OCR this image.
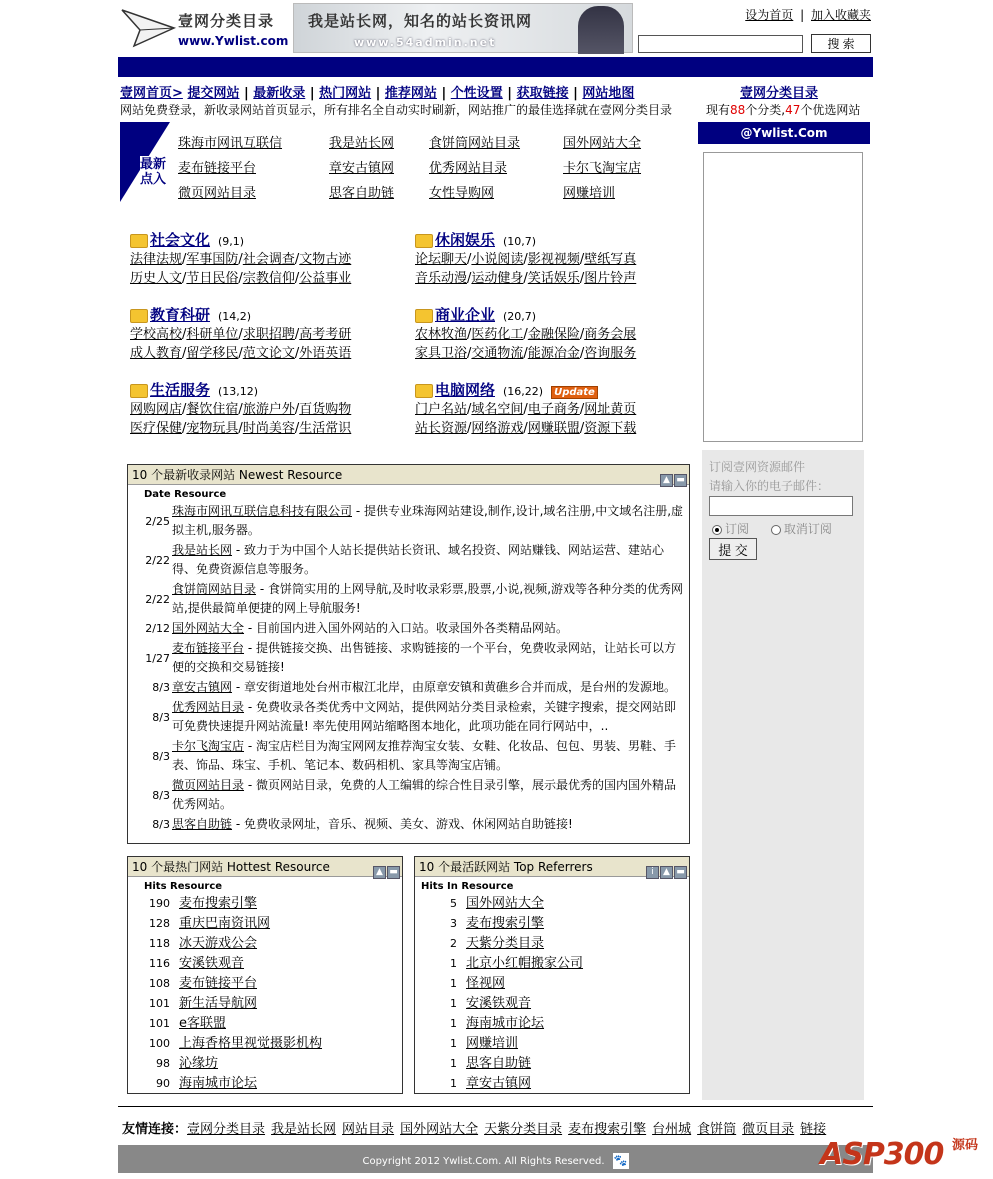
壹网分类目录
www.Ywlist.com
我是站长网，知名的站长资讯网
www.54admin.net
设为首页 | 加入收藏夹
搜 索
壹网首页> 提交网站 | 最新收录 | 热门网站 | 推荐网站 | 个性设置 | 获取链接 | 网站地图
网站免费登录，新收录网站首页显示，所有排名全自动实时刷新，网站推广的最佳选择就在壹网分类目录
壹网分类目录
现有88个分类,47个优选网站
最新点入
珠海市网讯互联信	我是站长网	食饼筒网站目录	国外网站大全
麦布链接平台	章安古镇网	优秀网站目录	卡尔飞淘宝店
微页网站目录	思客自助链	女性导购网	网赚培训
社会文化 (9,1)
法律法规/军事国防/社会调查/文物古迹
历史人文/节日民俗/宗教信仰/公益事业
休闲娱乐 (10,7)
论坛聊天/小说阅读/影视视频/壁纸写真
音乐动漫/运动健身/笑话娱乐/图片铃声
教育科研 (14,2)
学校高校/科研单位/求职招聘/高考考研
成人教育/留学移民/范文论文/外语英语
商业企业 (20,7)
农林牧渔/医药化工/金融保险/商务会展
家具卫浴/交通物流/能源冶金/咨询服务
生活服务 (13,12)
网购网店/餐饮住宿/旅游户外/百货购物
医疗保健/宠物玩具/时尚美容/生活常识
电脑网络 (16,22) Update
门户名站/域名空间/电子商务/网址黄页
站长资源/网络游戏/网赚联盟/资源下载
10 个最新收录网站 Newest Resource	▲ ▬
Date Resource
2/25
珠海市网讯互联信息科技有限公司 - 提供专业珠海网站建设,制作,设计,域名注册,中文域名注册,虚拟主机,服务器。
2/22
我是站长网 - 致力于为中国个人站长提供站长资讯、域名投资、网站赚钱、网站运营、建站心得、免费资源信息等服务。
2/22
食饼筒网站目录 - 食饼筒实用的上网导航,及时收录彩票,股票,小说,视频,游戏等各种分类的优秀网站,提供最简单便捷的网上导航服务!
2/12 国外网站大全 - 目前国内进入国外网站的入口站。收录国外各类精品网站。
1/27
麦布链接平台 - 提供链接交换、出售链接、求购链接的一个平台，免费收录网站，让站长可以方便的交换和交易链接!
8/3 章安古镇网 - 章安街道地处台州市椒江北岸，由原章安镇和黄礁乡合并而成，是台州的发源地。
8/3
优秀网站目录 - 免费收录各类优秀中文网站，提供网站分类目录检索，关键字搜索，提交网站即可免费快速提升网站流量! 率先使用网站缩略图本地化，此项功能在同行网站中，..
8/3
卡尔飞淘宝店 - 淘宝店栏目为淘宝网网友推荐淘宝女装、女鞋、化妆品、包包、男装、男鞋、手表、饰品、珠宝、手机、笔记本、数码相机、家具等淘宝店铺。
8/3
微页网站目录 - 微页网站目录，免费的人工编辑的综合性目录引擎，展示最优秀的国内国外精品优秀网站。
8/3 思客自助链 - 免费收录网址，音乐、视频、美女、游戏、休闲网站自助链接!
10 个最热门网站 Hottest Resource	▲ ▬
Hits Resource
190 麦布搜索引擎
128 重庆巴南资讯网
118 冰天游戏公会
116 安溪铁观音
108 麦布链接平台
101 新生活导航网
101 e客联盟
100 上海香格里视觉摄影机构
98 沁缘坊
90 海南城市论坛
10 个最活跃网站 Top Referrers	i ▲ ▬
Hits In Resource
5 国外网站大全
3 麦布搜索引擎
2 天紫分类目录
1 北京小红帽搬家公司
1 怪视网
1 安溪铁观音
1 海南城市论坛
1 网赚培训
1 思客自助链
1 章安古镇网
@Ywlist.Com
订阅壹网资源邮件
请输入你的电子邮件：
订阅	取消订阅
提 交
友情连接：壹网分类目录 我是站长网 网站目录 国外网站大全 天紫分类目录 麦布搜索引擎 台州城 食饼筒 微页目录 链接
Copyright 2012 Ywlist.Com. All Rights Reserved. 🐾	ASP300 源码
